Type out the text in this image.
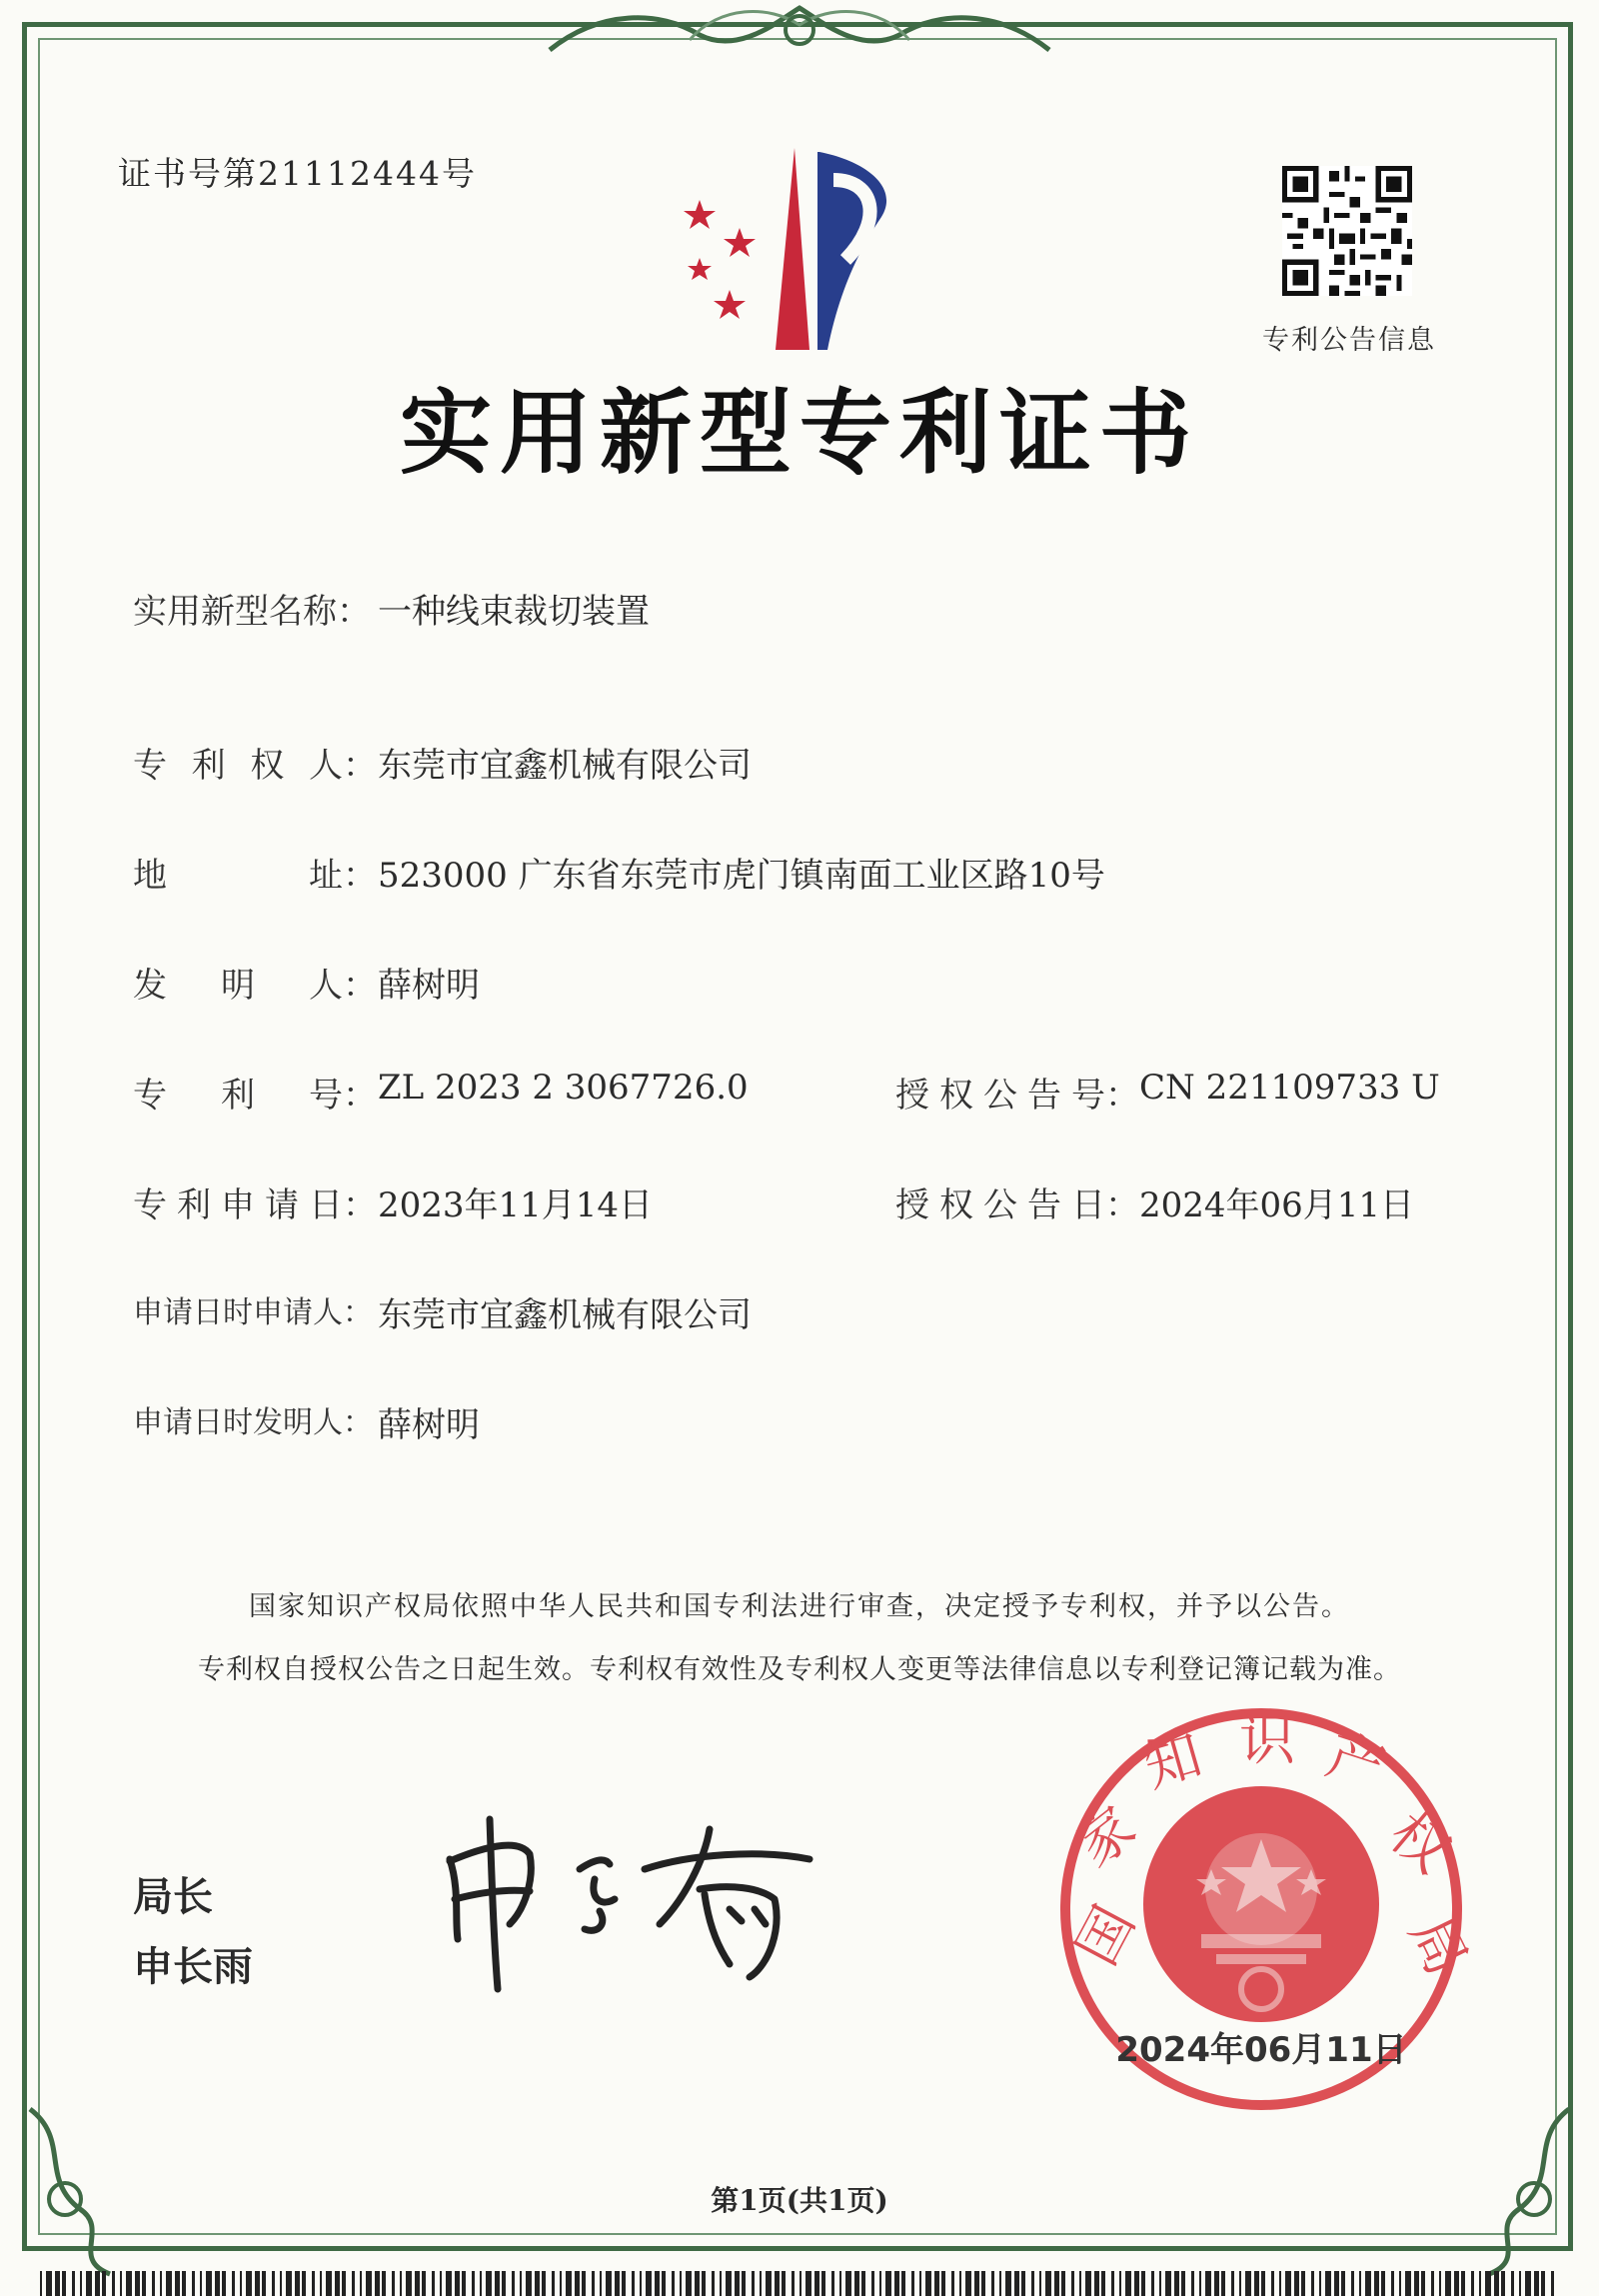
证书号第21112444号
专利公告信息
实用新型专利证书
实用新型名称： 一种线束裁切装置
专 利 权 人 ： 东莞市宜鑫机械有限公司
地	址 ： 523000 广东省东莞市虎门镇南面工业区路10号
发 明 人 ： 薛树明
专 利 号 ： ZL 2023 2 3067726.0	授 权 公 告 号 ： CN 221109733 U
专 利 申 请 日 ： 2023年11月14日	授 权 公 告 日 ： 2024年06月11日
申请日时申请人： 东莞市宜鑫机械有限公司
申请日时发明人： 薛树明
国家知识产权局依照中华人民共和国专利法进行审查，决定授予专利权，并予以公告。
专利权自授权公告之日起生效。专利权有效性及专利权人变更等法律信息以专利登记簿记载为准。
局长
申长雨	国
家
知 识 产
权
局
2024年06月11日
第1页(共1页)
